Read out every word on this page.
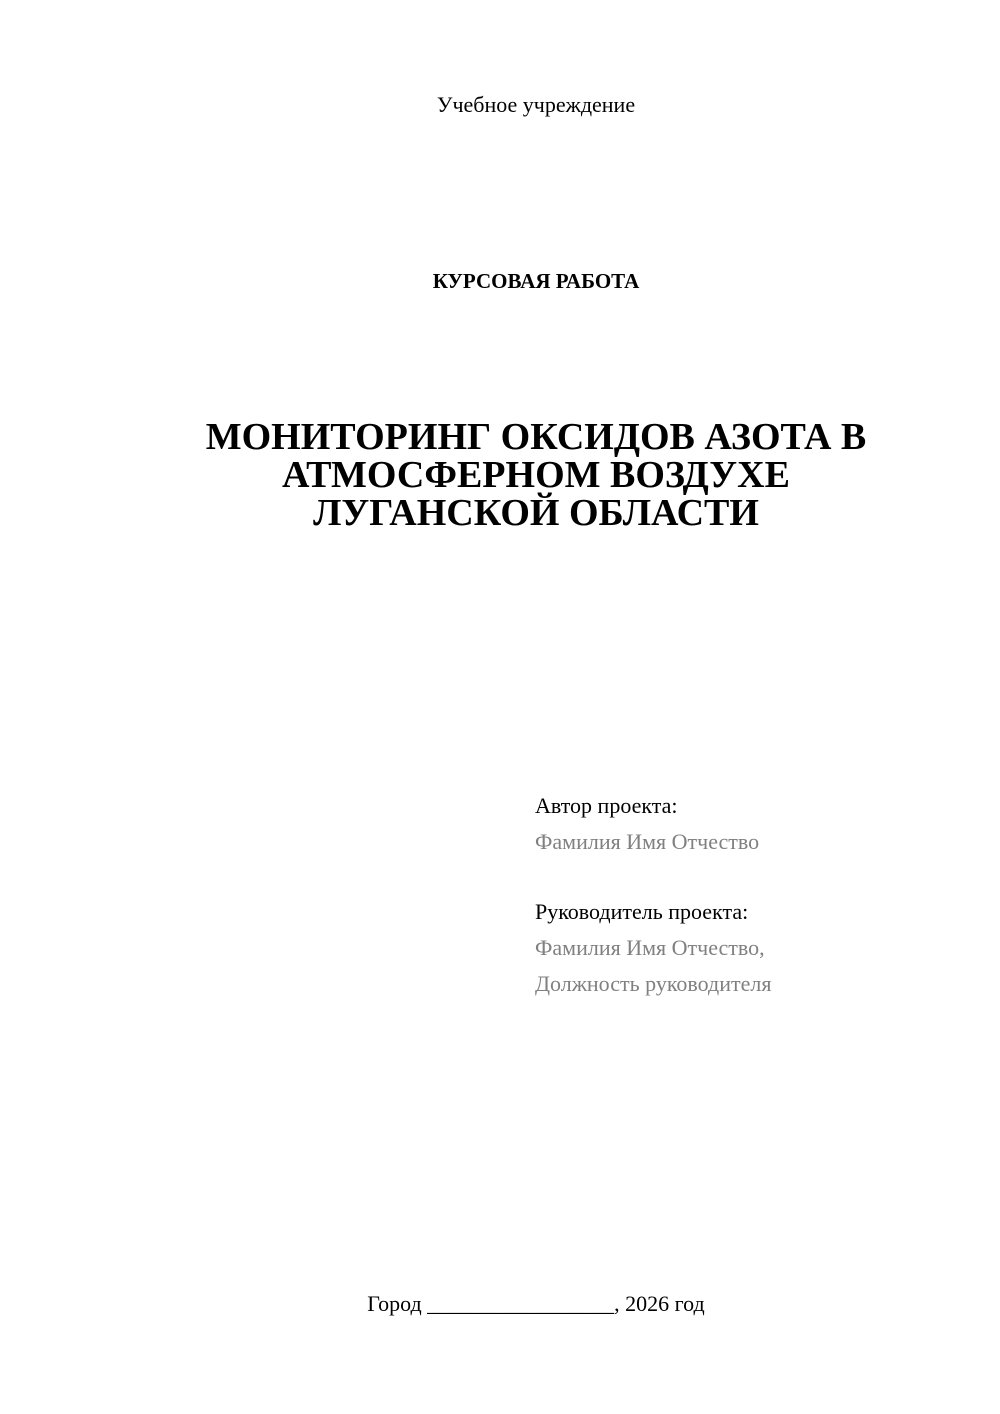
Учебное учреждение
КУРСОВАЯ РАБОТА
МОНИТОРИНГ ОКСИДОВ АЗОТА В
АТМОСФЕРНОМ ВОЗДУХЕ
ЛУГАНСКОЙ ОБЛАСТИ
Автор проекта:
Фамилия Имя Отчество
Руководитель проекта:
Фамилия Имя Отчество,
Должность руководителя
Город _________________, 2026 год
